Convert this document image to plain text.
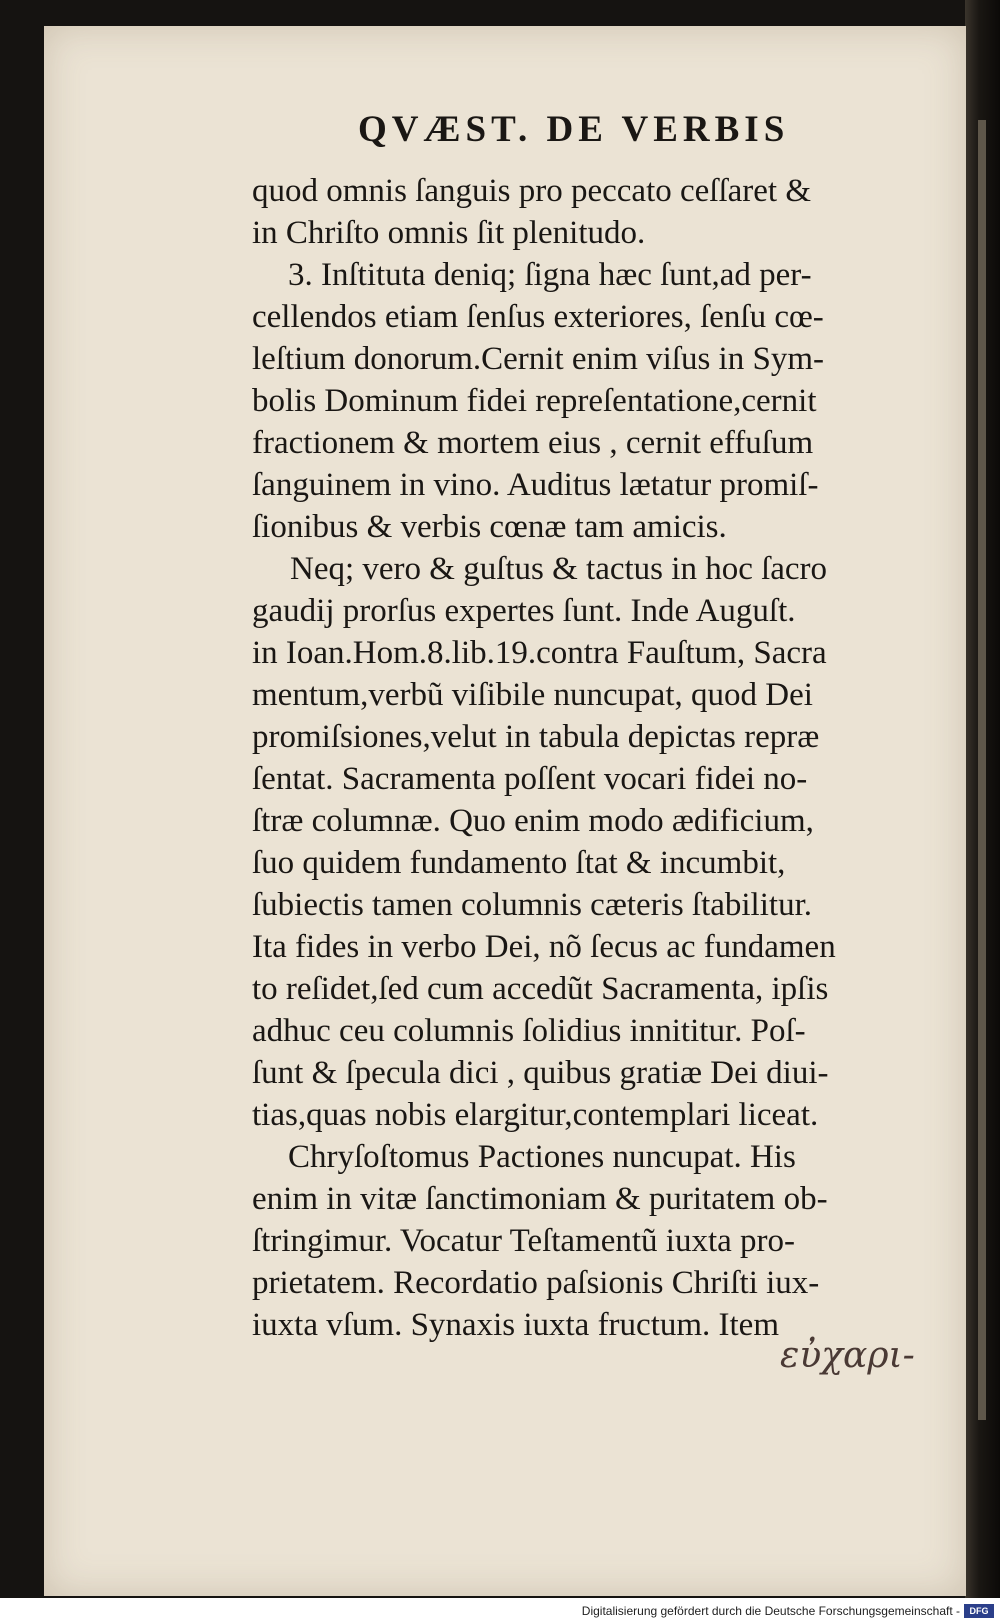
QVÆST. DE VERBIS
quod omnis ſanguis pro peccato ceſſaret &
in Chriſto omnis ſit plenitudo.
3. Inſtituta deniq; ſigna hæc ſunt,ad per-
cellendos etiam ſenſus exteriores, ſenſu cœ-
leſtium donorum.Cernit enim viſus in Sym-
bolis Dominum fidei repreſentatione,cernit
fractionem & mortem eius , cernit effuſum
ſanguinem in vino. Auditus lætatur promiſ-
ſionibus & verbis cœnæ tam amicis.
Neq; vero & guſtus & tactus in hoc ſacro
gaudij prorſus expertes ſunt. Inde Auguſt.
in Ioan.Hom.8.lib.19.contra Fauſtum, Sacra
mentum,verbũ viſibile nuncupat, quod Dei
promiſsiones,velut in tabula depictas repræ
ſentat. Sacramenta poſſent vocari fidei no-
ſtræ columnæ. Quo enim modo ædificium,
ſuo quidem fundamento ſtat & incumbit,
ſubiectis tamen columnis cæteris ſtabilitur.
Ita fides in verbo Dei, nõ ſecus ac fundamen
to reſidet,ſed cum accedũt Sacramenta, ipſis
adhuc ceu columnis ſolidius innititur. Poſ-
ſunt & ſpecula dici , quibus gratiæ Dei diui-
tias,quas nobis elargitur,contemplari liceat.
Chryſoſtomus Pactiones nuncupat. His
enim in vitæ ſanctimoniam & puritatem ob-
ſtringimur. Vocatur Teſtamentũ iuxta pro-
prietatem. Recordatio paſsionis Chriſti iux-
iuxta vſum. Synaxis iuxta fructum. Item
εὐχαρι-
Digitalisierung gefördert durch die Deutsche Forschungsgemeinschaft -	DFG
